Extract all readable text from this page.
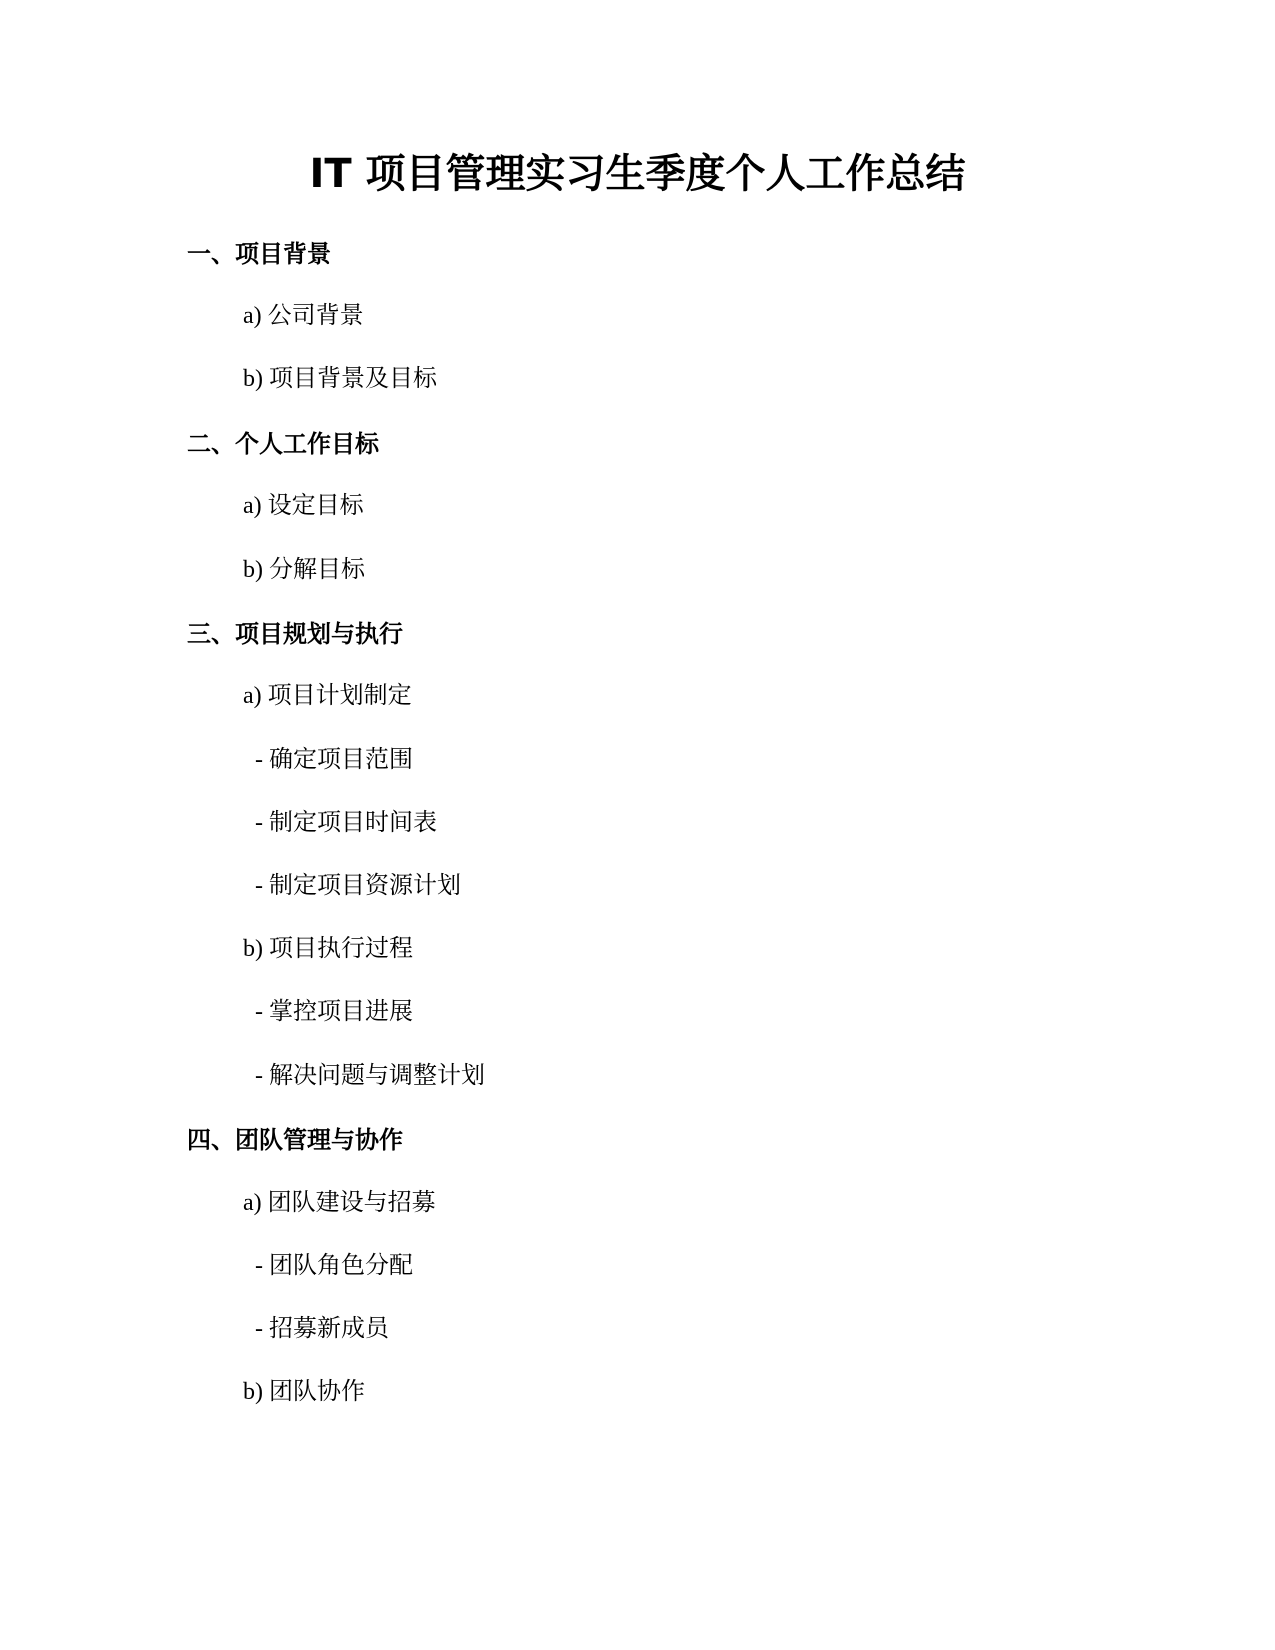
IT 项目管理实习生季度个人工作总结
一、项目背景
a) 公司背景
b) 项目背景及目标
二、个人工作目标
a) 设定目标
b) 分解目标
三、项目规划与执行
a) 项目计划制定
- 确定项目范围
- 制定项目时间表
- 制定项目资源计划
b) 项目执行过程
- 掌控项目进展
- 解决问题与调整计划
四、团队管理与协作
a) 团队建设与招募
- 团队角色分配
- 招募新成员
b) 团队协作
